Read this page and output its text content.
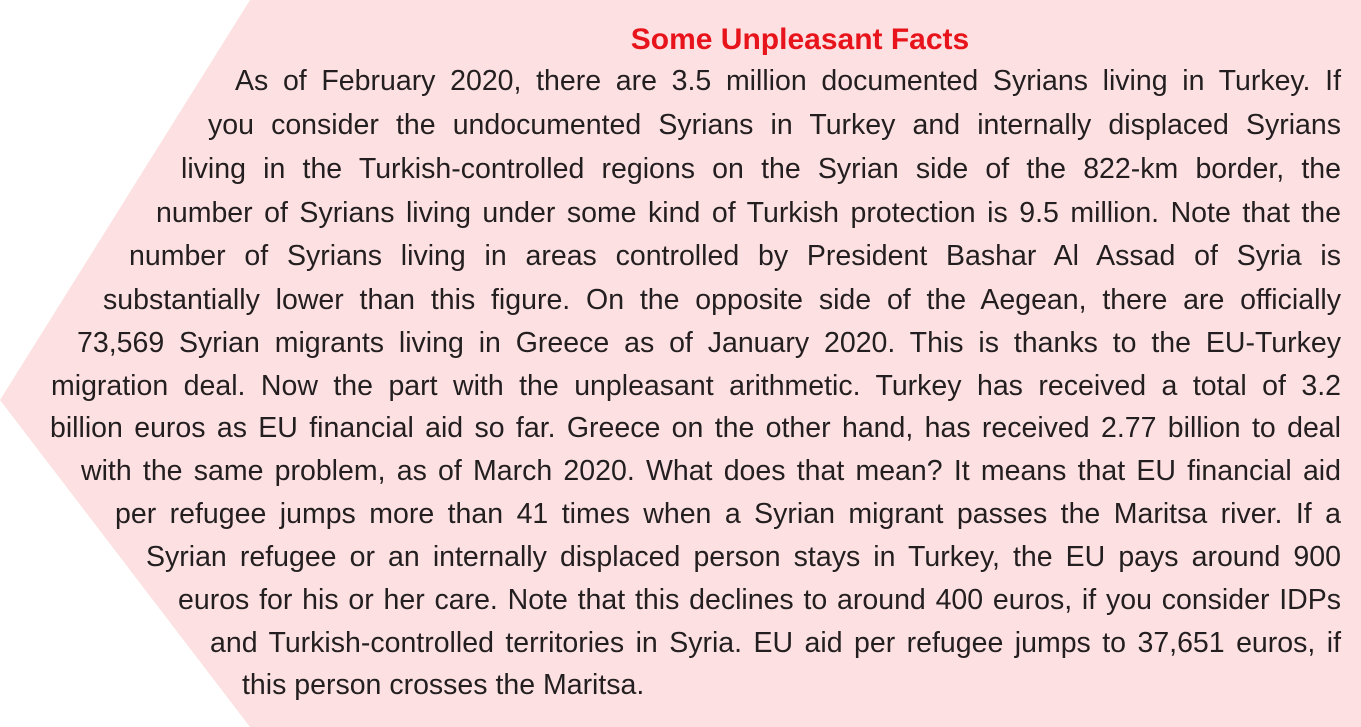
Some Unpleasant Facts
As of February 2020, there are 3.5 million documented Syrians living in Turkey. If
you consider the undocumented Syrians in Turkey and internally displaced Syrians
living in the Turkish-controlled regions on the Syrian side of the 822-km border, the
number of Syrians living under some kind of Turkish protection is 9.5 million. Note that the
number of Syrians living in areas controlled by President Bashar Al Assad of Syria is
substantially lower than this figure. On the opposite side of the Aegean, there are officially
73,569 Syrian migrants living in Greece as of January 2020. This is thanks to the EU-Turkey
migration deal. Now the part with the unpleasant arithmetic. Turkey has received a total of 3.2
billion euros as EU financial aid so far. Greece on the other hand, has received 2.77 billion to deal
with the same problem, as of March 2020. What does that mean? It means that EU financial aid
per refugee jumps more than 41 times when a Syrian migrant passes the Maritsa river. If a
Syrian refugee or an internally displaced person stays in Turkey, the EU pays around 900
euros for his or her care. Note that this declines to around 400 euros, if you consider IDPs
and Turkish-controlled territories in Syria. EU aid per refugee jumps to 37,651 euros, if
this person crosses the Maritsa.
